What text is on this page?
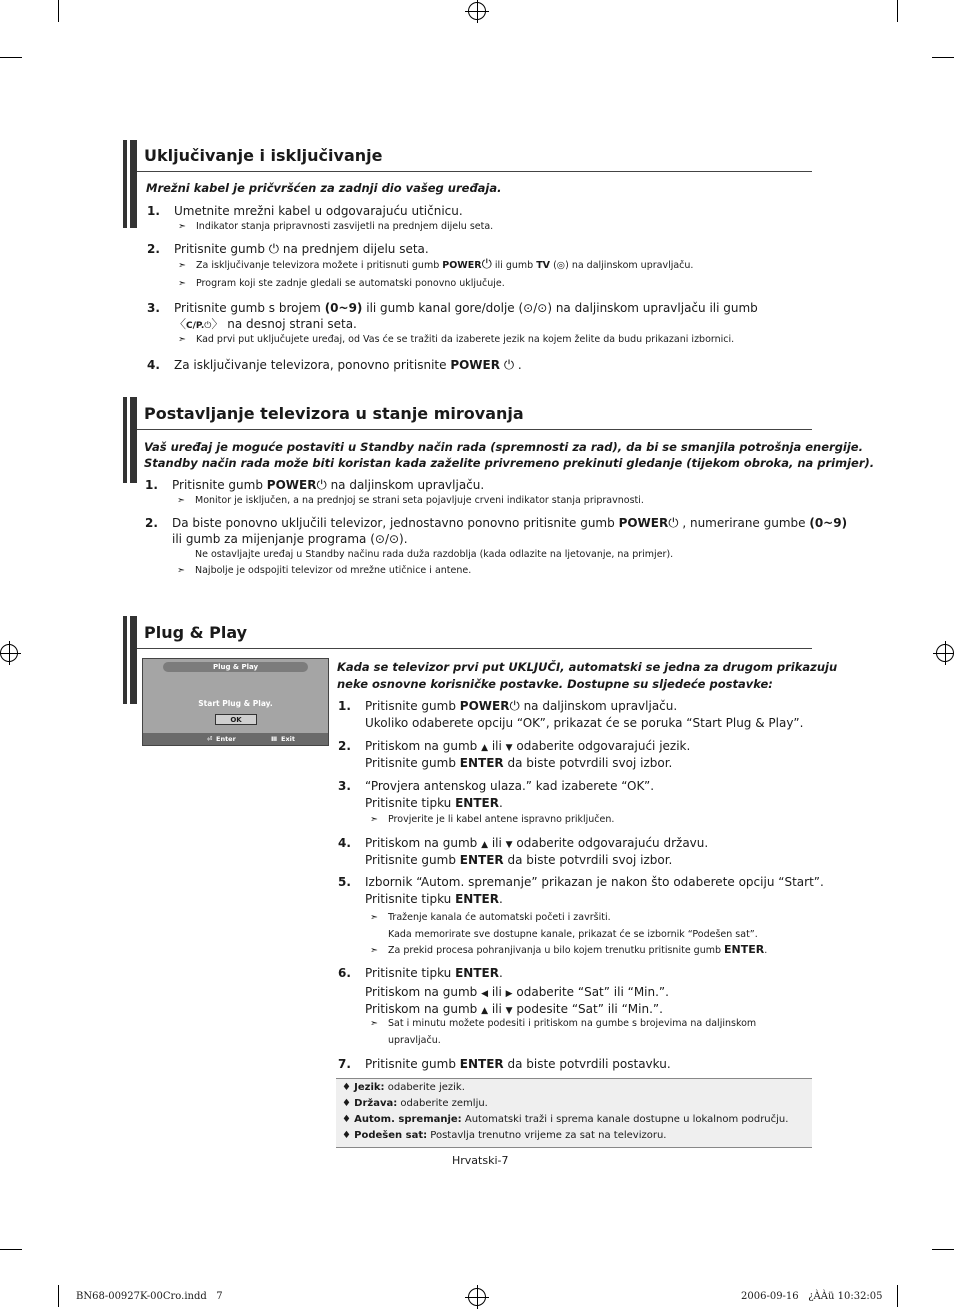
Uključivanje i isključivanje
Mrežni kabel je pričvršćen za zadnji dio vašeg uređaja.
1. Umetnite mrežni kabel u odgovarajuću utičnicu.
➣ Indikator stanja pripravnosti zasvijetli na prednjem dijelu seta.
2. Pritisnite gumb ⏻ na prednjem dijelu seta.
➣ Za isključivanje televizora možete i pritisnuti gumb POWER⏻ ili gumb TV (◎) na daljinskom upravljaču.
➣ Program koji ste zadnje gledali se automatski ponovno uključuje.
3. Pritisnite gumb s brojem (0~9) ili gumb kanal gore/dolje (⊙/⊙) na daljinskom upravljaču ili gumb
〈C/P.⏻〉 na desnoj strani seta.
➣ Kad prvi put uključujete uređaj, od Vas će se tražiti da izaberete jezik na kojem želite da budu prikazani izbornici.
4. Za isključivanje televizora, ponovno pritisnite POWER ⏻ .
Postavljanje televizora u stanje mirovanja
Vaš uređaj je moguće postaviti u Standby način rada (spremnosti za rad), da bi se smanjila potrošnja energije.
Standby način rada može biti koristan kada zaželite privremeno prekinuti gledanje (tijekom obroka, na primjer).
1. Pritisnite gumb POWER⏻ na daljinskom upravljaču.
➣ Monitor je isključen, a na prednjoj se strani seta pojavljuje crveni indikator stanja pripravnosti.
2. Da biste ponovno uključili televizor, jednostavno ponovno pritisnite gumb POWER⏻ , numerirane gumbe (0~9)
ili gumb za mijenjanje programa (⊙/⊙).
Ne ostavljajte uređaj u Standby načinu rada duža razdoblja (kada odlazite na ljetovanje, na primjer).
➣ Najbolje je odspojiti televizor od mrežne utičnice i antene.
Plug & Play
Plug & Play
Start Plug & Play.
OK
⏎ Enter	Ⅲ Exit
Kada se televizor prvi put UKLJUČI, automatski se jedna za drugom prikazuju
neke osnovne korisničke postavke. Dostupne su sljedeće postavke:
1. Pritisnite gumb POWER⏻ na daljinskom upravljaču.
Ukoliko odaberete opciju “OK”, prikazat će se poruka “Start Plug & Play”.
2. Pritiskom na gumb ▲ ili ▼ odaberite odgovarajući jezik.
Pritisnite gumb ENTER da biste potvrdili svoj izbor.
3. “Provjera antenskog ulaza.” kad izaberete “OK”.
Pritisnite tipku ENTER.
➣ Provjerite je li kabel antene ispravno priključen.
4. Pritiskom na gumb ▲ ili ▼ odaberite odgovarajuću državu.
Pritisnite gumb ENTER da biste potvrdili svoj izbor.
5. Izbornik “Autom. spremanje” prikazan je nakon što odaberete opciju “Start”.
Pritisnite tipku ENTER.
➣ Traženje kanala će automatski početi i završiti.
Kada memorirate sve dostupne kanale, prikazat će se izbornik “Podešen sat”.
➣ Za prekid procesa pohranjivanja u bilo kojem trenutku pritisnite gumb ENTER.
6. Pritisnite tipku ENTER.
Pritiskom na gumb ◀ ili ▶ odaberite “Sat” ili “Min.”.
Pritiskom na gumb ▲ ili ▼ podesite “Sat” ili “Min.”.
➣ Sat i minutu možete podesiti i pritiskom na gumbe s brojevima na daljinskom
upravljaču.
7. Pritisnite gumb ENTER da biste potvrdili postavku.
♦ Jezik: odaberite jezik.
♦ Država: odaberite zemlju.
♦ Autom. spremanje: Automatski traži i sprema kanale dostupne u lokalnom području.
♦ Podešen sat: Postavlja trenutno vrijeme za sat na televizoru.
Hrvatski-7
BN68-00927K-00Cro.indd   7	2006-09-16   ¿ÀÀü 10:32:05
